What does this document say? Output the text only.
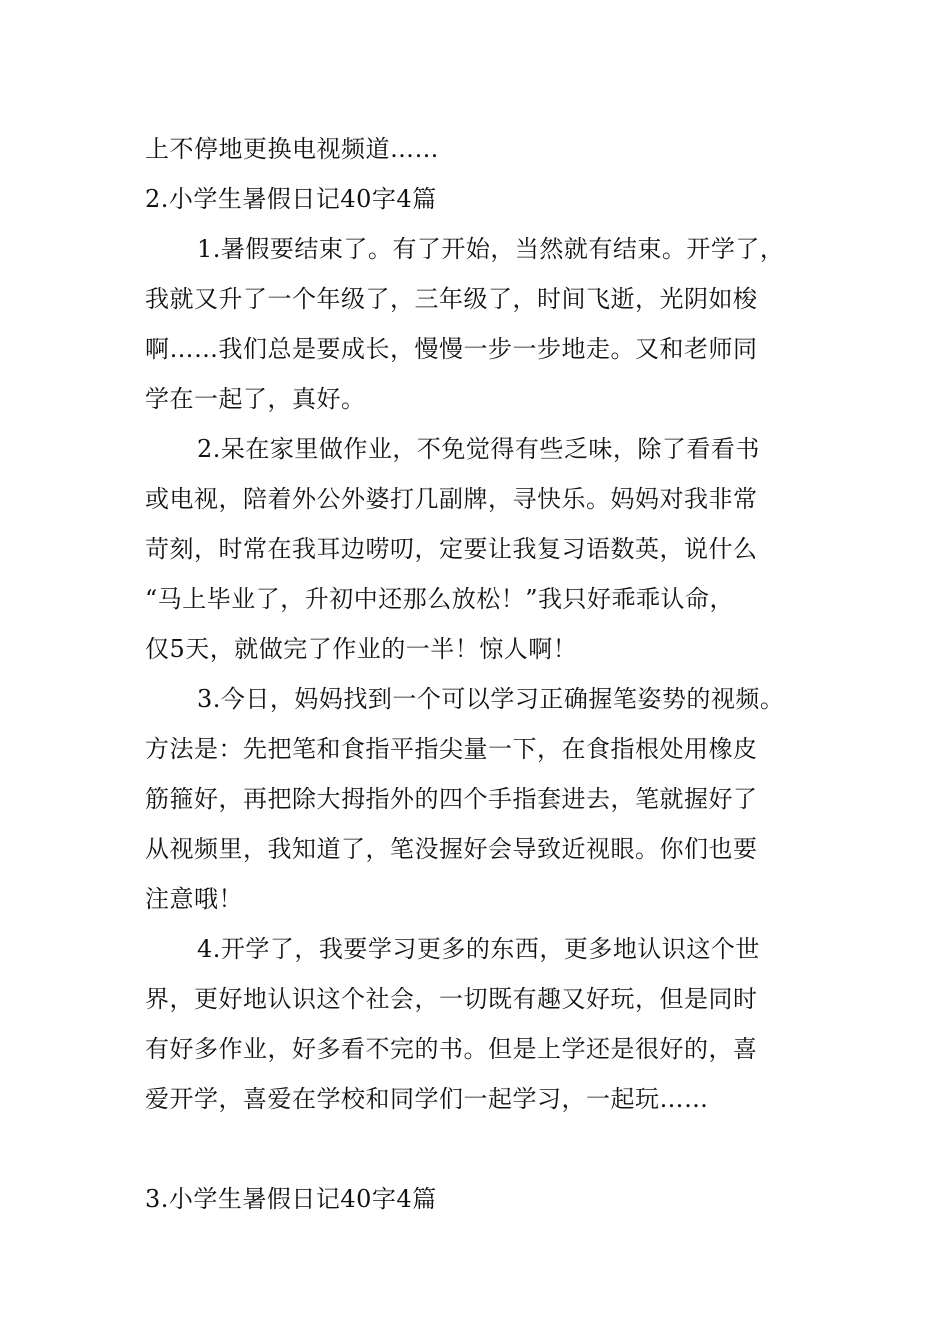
上不停地更换电视频道……
2.小学生暑假日记40字4篇
1.暑假要结束了。有了开始，当然就有结束。开学了，
我就又升了一个年级了，三年级了，时间飞逝，光阴如梭
啊……我们总是要成长，慢慢一步一步地走。又和老师同
学在一起了，真好。
2.呆在家里做作业，不免觉得有些乏味，除了看看书
或电视，陪着外公外婆打几副牌，寻快乐。妈妈对我非常
苛刻，时常在我耳边唠叨，定要让我复习语数英，说什么
“马上毕业了，升初中还那么放松！”我只好乖乖认命，
仅5天，就做完了作业的一半！惊人啊！
3.今日，妈妈找到一个可以学习正确握笔姿势的视频。
方法是：先把笔和食指平指尖量一下，在食指根处用橡皮
筋箍好，再把除大拇指外的四个手指套进去，笔就握好了
从视频里，我知道了，笔没握好会导致近视眼。你们也要
注意哦！
4.开学了，我要学习更多的东西，更多地认识这个世
界，更好地认识这个社会，一切既有趣又好玩，但是同时
有好多作业，好多看不完的书。但是上学还是很好的，喜
爱开学，喜爱在学校和同学们一起学习，一起玩……
3.小学生暑假日记40字4篇
